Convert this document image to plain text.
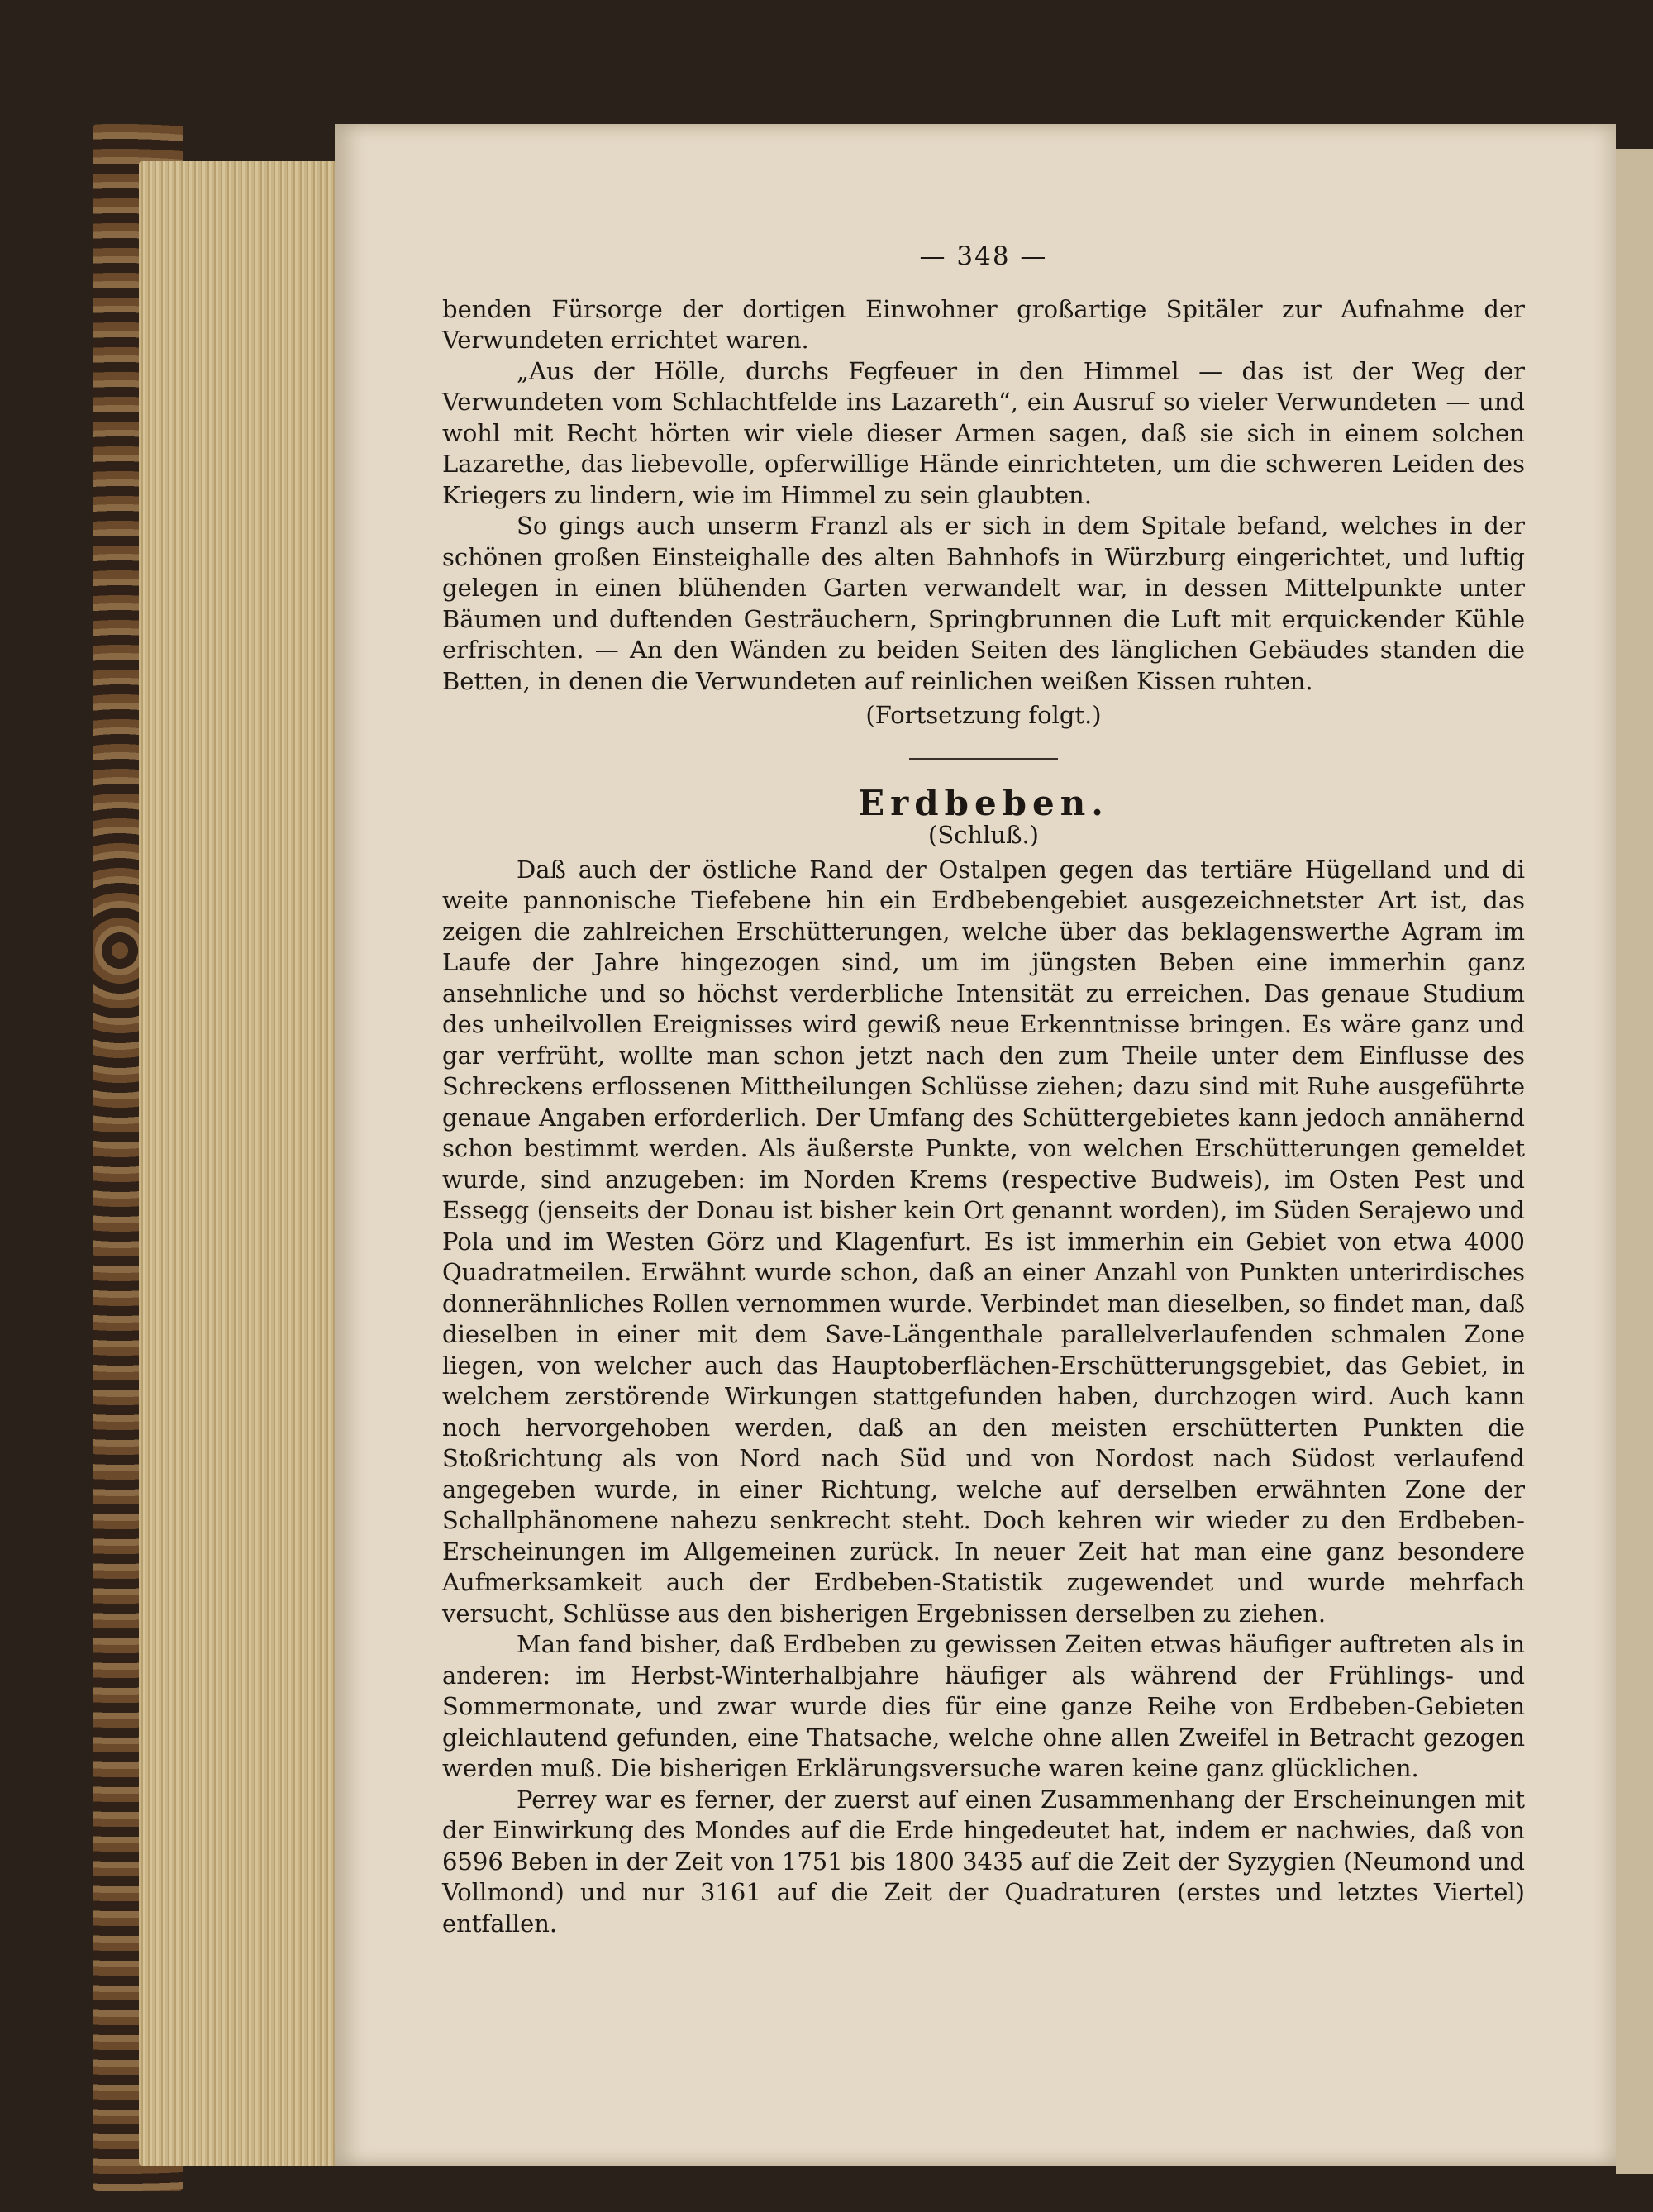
— 348 —

benden Fürsorge der dortigen Einwohner großartige Spitäler zur Aufnahme der Verwundeten errichtet waren.

„Aus der Hölle, durchs Fegfeuer in den Himmel — das ist der Weg der Verwundeten vom Schlachtfelde ins Lazareth“, ein Ausruf so vieler Verwundeten — und wohl mit Recht hörten wir viele dieser Armen sagen, daß sie sich in einem solchen Lazarethe, das liebevolle, opferwillige Hände einrichteten, um die schweren Leiden des Kriegers zu lindern, wie im Himmel zu sein glaubten.

So gings auch unserm Franzl als er sich in dem Spitale befand, welches in der schönen großen Einsteighalle des alten Bahnhofs in Würzburg eingerichtet, und luftig gelegen in einen blühenden Garten verwandelt war, in dessen Mittelpunkte unter Bäumen und duftenden Gesträuchern, Springbrunnen die Luft mit erquickender Kühle erfrischten. — An den Wänden zu beiden Seiten des länglichen Gebäudes standen die Betten, in denen die Verwundeten auf reinlichen weißen Kissen ruhten.

(Fortsetzung folgt.)
Erdbeben.
(Schluß.)

Daß auch der östliche Rand der Ostalpen gegen das tertiäre Hügelland und di weite pannonische Tiefebene hin ein Erdbebengebiet ausgezeichnetster Art ist, das zeigen die zahlreichen Erschütterungen, welche über das beklagenswerthe Agram im Laufe der Jahre hingezogen sind, um im jüngsten Beben eine immerhin ganz ansehnliche und so höchst verderbliche Intensität zu erreichen. Das genaue Studium des unheilvollen Ereignisses wird gewiß neue Erkenntnisse bringen. Es wäre ganz und gar verfrüht, wollte man schon jetzt nach den zum Theile unter dem Einflusse des Schreckens erflossenen Mittheilungen Schlüsse ziehen; dazu sind mit Ruhe ausgeführte genaue Angaben erforderlich. Der Umfang des Schüttergebietes kann jedoch annähernd schon bestimmt werden. Als äußerste Punkte, von welchen Erschütterungen gemeldet wurde, sind anzugeben: im Norden Krems (respective Budweis), im Osten Pest und Essegg (jenseits der Donau ist bisher kein Ort genannt worden), im Süden Serajewo und Pola und im Westen Görz und Klagenfurt. Es ist immerhin ein Gebiet von etwa 4000 Quadratmeilen. Erwähnt wurde schon, daß an einer Anzahl von Punkten unterirdisches donnerähnliches Rollen vernommen wurde. Verbindet man dieselben, so findet man, daß dieselben in einer mit dem Save-Längenthale parallelverlaufenden schmalen Zone liegen, von welcher auch das Hauptoberflächen-Erschütterungsgebiet, das Gebiet, in welchem zerstörende Wirkungen stattgefunden haben, durchzogen wird. Auch kann noch hervorgehoben werden, daß an den meisten erschütterten Punkten die Stoßrichtung als von Nord nach Süd und von Nordost nach Südost verlaufend angegeben wurde, in einer Richtung, welche auf derselben erwähnten Zone der Schallphänomene nahezu senkrecht steht. Doch kehren wir wieder zu den Erdbeben-Erscheinungen im Allgemeinen zurück. In neuer Zeit hat man eine ganz besondere Aufmerksamkeit auch der Erdbeben-Statistik zugewendet und wurde mehrfach versucht, Schlüsse aus den bisherigen Ergebnissen derselben zu ziehen.

Man fand bisher, daß Erdbeben zu gewissen Zeiten etwas häufiger auftreten als in anderen: im Herbst-Winterhalbjahre häufiger als während der Frühlings- und Sommermonate, und zwar wurde dies für eine ganze Reihe von Erdbeben-Gebieten gleichlautend gefunden, eine Thatsache, welche ohne allen Zweifel in Betracht gezogen werden muß. Die bisherigen Erklärungsversuche waren keine ganz glücklichen.

Perrey war es ferner, der zuerst auf einen Zusammenhang der Erscheinungen mit der Einwirkung des Mondes auf die Erde hingedeutet hat, indem er nachwies, daß von 6596 Beben in der Zeit von 1751 bis 1800 3435 auf die Zeit der Syzygien (Neumond und Vollmond) und nur 3161 auf die Zeit der Quadraturen (erstes und letztes Viertel) entfallen.
